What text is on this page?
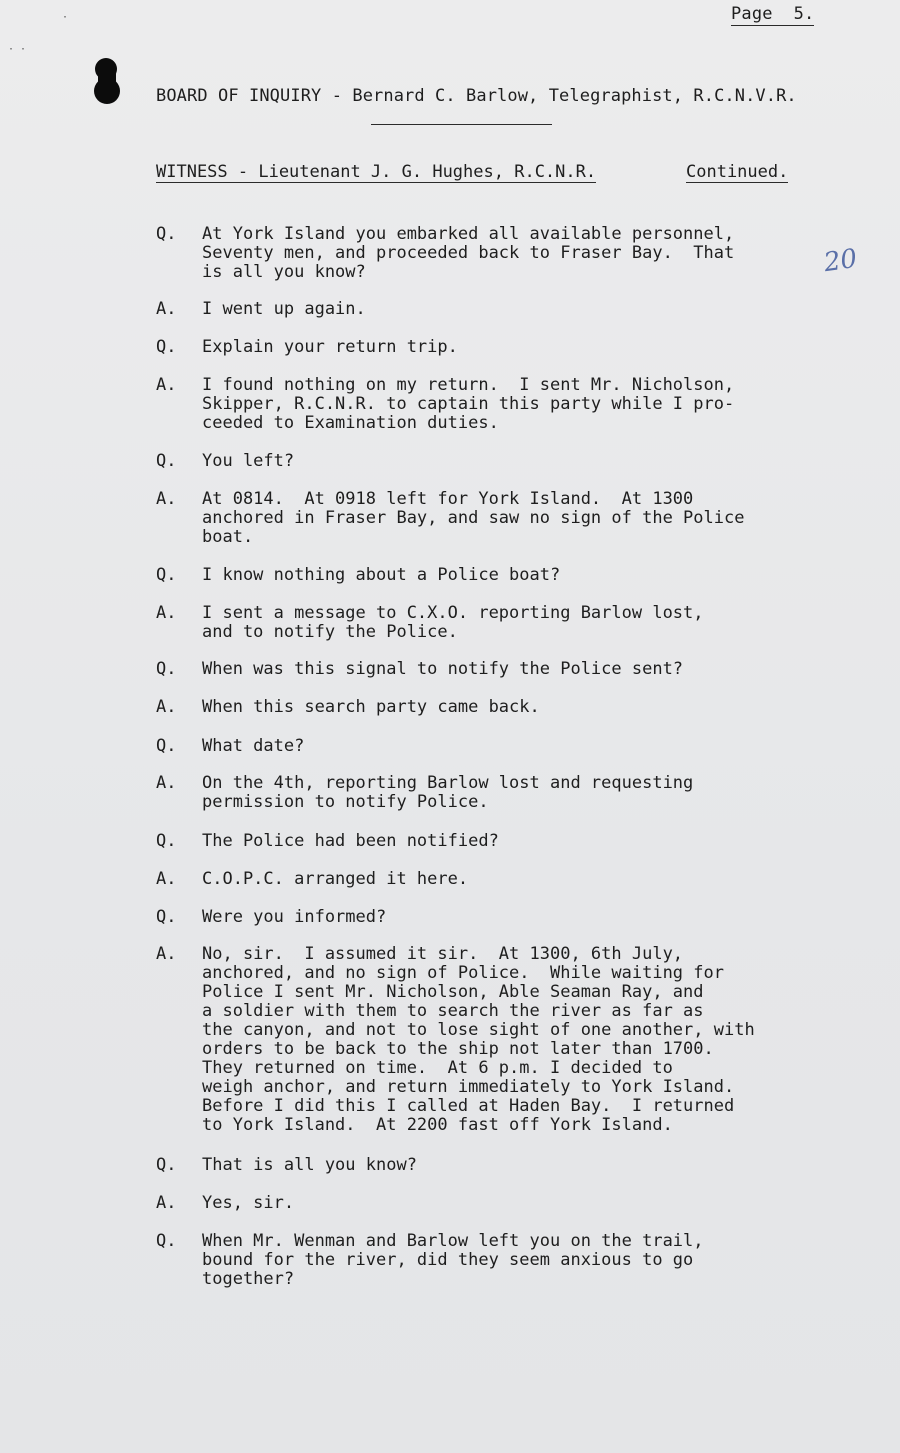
· ·
·	Page  5.
BOARD OF INQUIRY - Bernard C. Barlow, Telegraphist, R.C.N.V.R.
WITNESS - Lieutenant J. G. Hughes, R.C.N.R.	Continued.
20
Q.	At York Island you embarked all available personnel,
Seventy men, and proceeded back to Fraser Bay.  That
is all you know?
A.	I went up again.
Q.	Explain your return trip.
A.	I found nothing on my return.  I sent Mr. Nicholson,
Skipper, R.C.N.R. to captain this party while I pro-
ceeded to Examination duties.
Q.	You left?
A.	At 0814.  At 0918 left for York Island.  At 1300
anchored in Fraser Bay, and saw no sign of the Police
boat.
Q.	I know nothing about a Police boat?
A.	I sent a message to C.X.O. reporting Barlow lost,
and to notify the Police.
Q.	When was this signal to notify the Police sent?
A.	When this search party came back.
Q.	What date?
A.	On the 4th, reporting Barlow lost and requesting
permission to notify Police.
Q.	The Police had been notified?
A.	C.O.P.C. arranged it here.
Q.	Were you informed?
A.	No, sir.  I assumed it sir.  At 1300, 6th July,
anchored, and no sign of Police.  While waiting for
Police I sent Mr. Nicholson, Able Seaman Ray, and
a soldier with them to search the river as far as
the canyon, and not to lose sight of one another, with
orders to be back to the ship not later than 1700.
They returned on time.  At 6 p.m. I decided to
weigh anchor, and return immediately to York Island.
Before I did this I called at Haden Bay.  I returned
to York Island.  At 2200 fast off York Island.
Q.	That is all you know?
A.	Yes, sir.
Q.	When Mr. Wenman and Barlow left you on the trail,
bound for the river, did they seem anxious to go
together?
